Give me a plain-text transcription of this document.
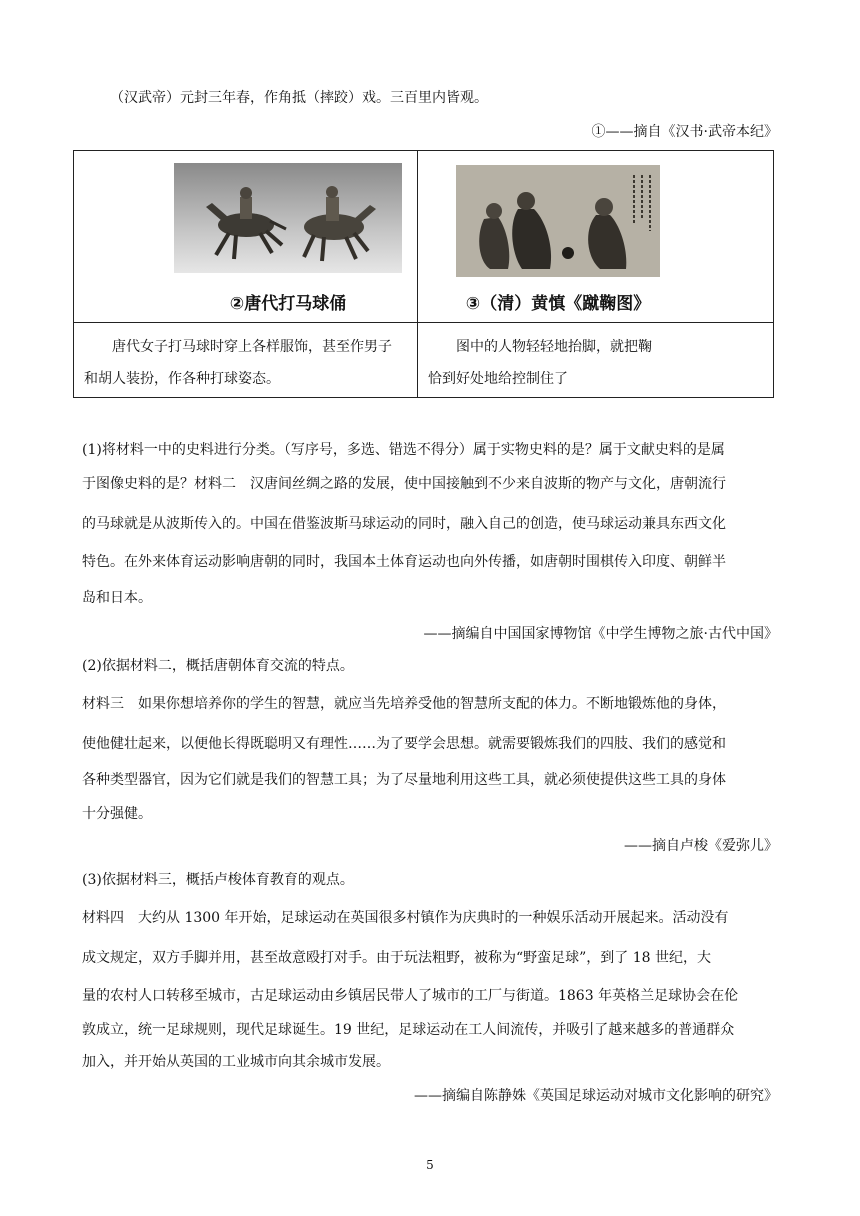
（汉武帝）元封三年春，作角抵（摔跤）戏。三百里内皆观。
①——摘自《汉书·武帝本纪》
②唐代打马球俑	③（清）黄慎《蹴鞠图》
唐代女子打马球时穿上各样服饰，甚至作男子
和胡人装扮，作各种打球姿态。
图中的人物轻轻地抬脚，就把鞠
恰到好处地给控制住了
(1)将材料一中的史料进行分类。（写序号，多选、错选不得分）属于实物史料的是？属于文献史料的是属
于图像史料的是？材料二　汉唐间丝绸之路的发展，使中国接触到不少来自波斯的物产与文化，唐朝流行
的马球就是从波斯传入的。中国在借鉴波斯马球运动的同时，融入自己的创造，使马球运动兼具东西文化
特色。在外来体育运动影响唐朝的同时，我国本土体育运动也向外传播，如唐朝时围棋传入印度、朝鲜半
岛和日本。
——摘编自中国国家博物馆《中学生博物之旅·古代中国》
(2)依据材料二，概括唐朝体育交流的特点。
材料三　如果你想培养你的学生的智慧，就应当先培养受他的智慧所支配的体力。不断地锻炼他的身体，
使他健壮起来，以便他长得既聪明又有理性……为了要学会思想。就需要锻炼我们的四肢、我们的感觉和
各种类型器官，因为它们就是我们的智慧工具；为了尽量地利用这些工具，就必须使提供这些工具的身体
十分强健。
——摘自卢梭《爱弥儿》
(3)依据材料三，概括卢梭体育教育的观点。
材料四　大约从 1300 年开始，足球运动在英国很多村镇作为庆典时的一种娱乐活动开展起来。活动没有
成文规定，双方手脚并用，甚至故意殴打对手。由于玩法粗野，被称为“野蛮足球”，到了 18 世纪，大
量的农村人口转移至城市，古足球运动由乡镇居民带人了城市的工厂与街道。1863 年英格兰足球协会在伦
敦成立，统一足球规则，现代足球诞生。19 世纪，足球运动在工人间流传，并吸引了越来越多的普通群众
加入，并开始从英国的工业城市向其余城市发展。
——摘编自陈静姝《英国足球运动对城市文化影响的研究》
5
